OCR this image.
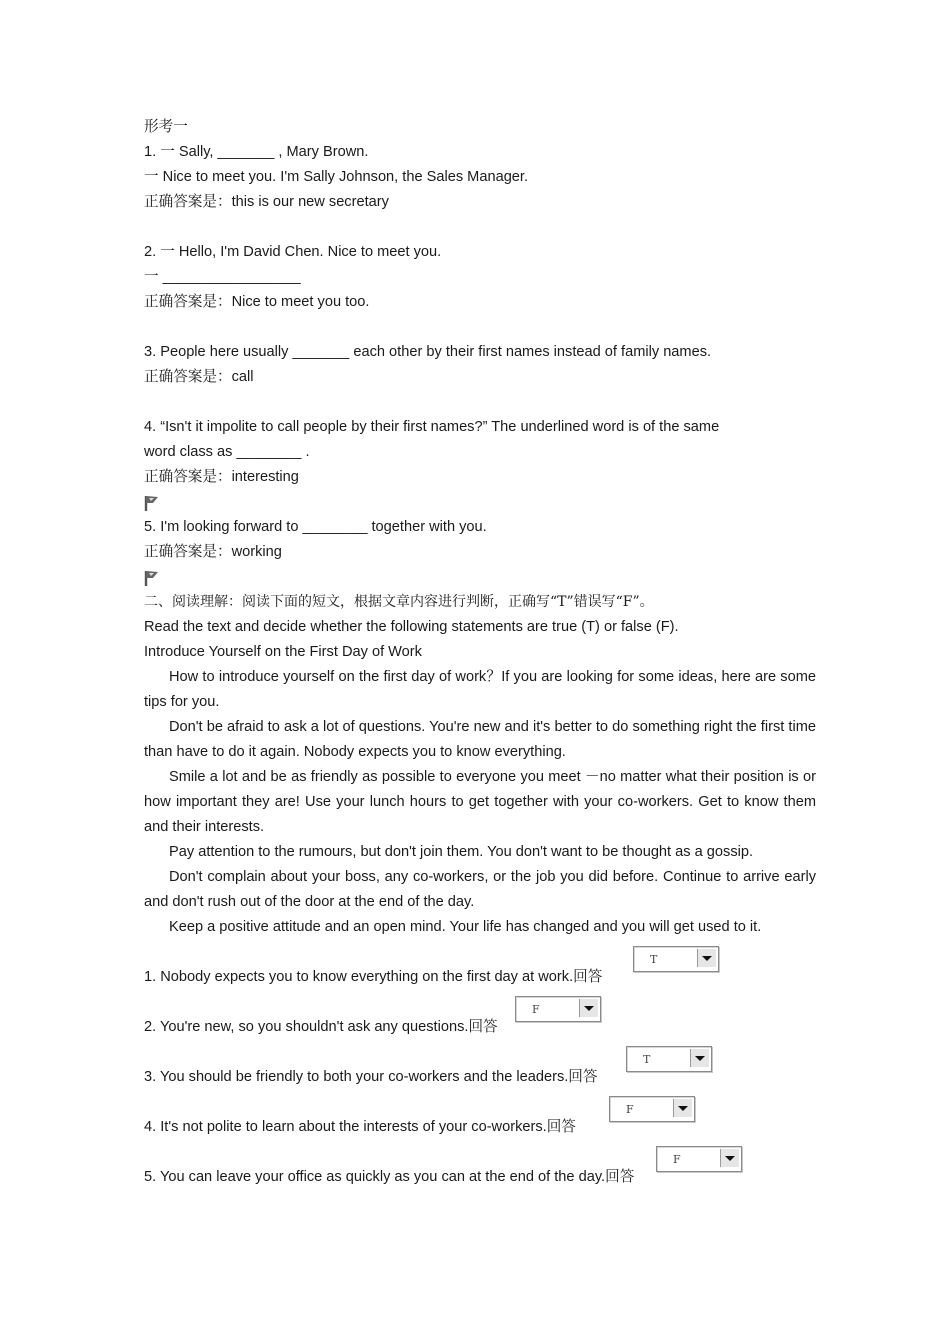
形考一
1. 一 Sally, _______ , Mary Brown.
一 Nice to meet you. I'm Sally Johnson, the Sales Manager.
正确答案是：this is our new secretary
2. 一 Hello, I'm David Chen. Nice to meet you.
一 _________________
正确答案是：Nice to meet you too.
3. People here usually _______ each other by their first names instead of family names.
正确答案是：call
4. “Isn't it impolite to call people by their first names?” The underlined word is of the same
word class as ________ .
正确答案是：interesting
5. I'm looking forward to ________ together with you.
正确答案是：working
二、阅读理解：阅读下面的短文，根据文章内容进行判断，正确写“T”错误写“F”。
Read the text and decide whether the following statements are true (T) or false (F).
Introduce Yourself on the First Day of Work
How to introduce yourself on the first day of work？If you are looking for some ideas, here are some tips for you.
Don't be afraid to ask a lot of questions. You're new and it's better to do something right the first time than have to do it again. Nobody expects you to know everything.
Smile a lot and be as friendly as possible to everyone you meet －no matter what their position is or how important they are! Use your lunch hours to get together with your co-workers. Get to know them and their interests.
Pay attention to the rumours, but don't join them. You don't want to be thought as a gossip.
Don't complain about your boss, any co-workers, or the job you did before. Continue to arrive early and don't rush out of the door at the end of the day.
Keep a positive attitude and an open mind. Your life has changed and you will get used to it.
1. Nobody expects you to know everything on the first day at work.回答
T
2. You're new, so you shouldn't ask any questions.回答
F
3. You should be friendly to both your co-workers and the leaders.回答
T
4. It's not polite to learn about the interests of your co-workers.回答
F
5. You can leave your office as quickly as you can at the end of the day.回答
F
